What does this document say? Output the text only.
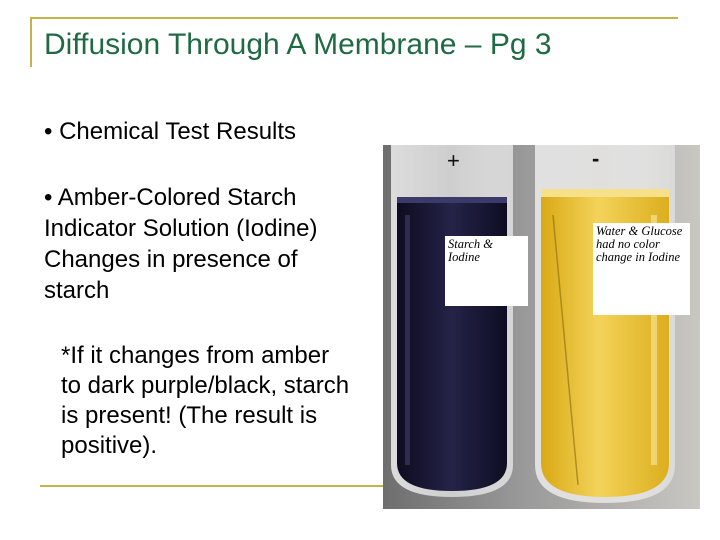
Diffusion Through A Membrane – Pg 3
• Chemical Test Results
• Amber-Colored Starch Indicator Solution (Iodine) Changes in presence of starch
*If it changes from amber to dark purple/black, starch is present! (The result is positive).
+	-
Starch & Iodine
Water & Glucose had no color change in Iodine
